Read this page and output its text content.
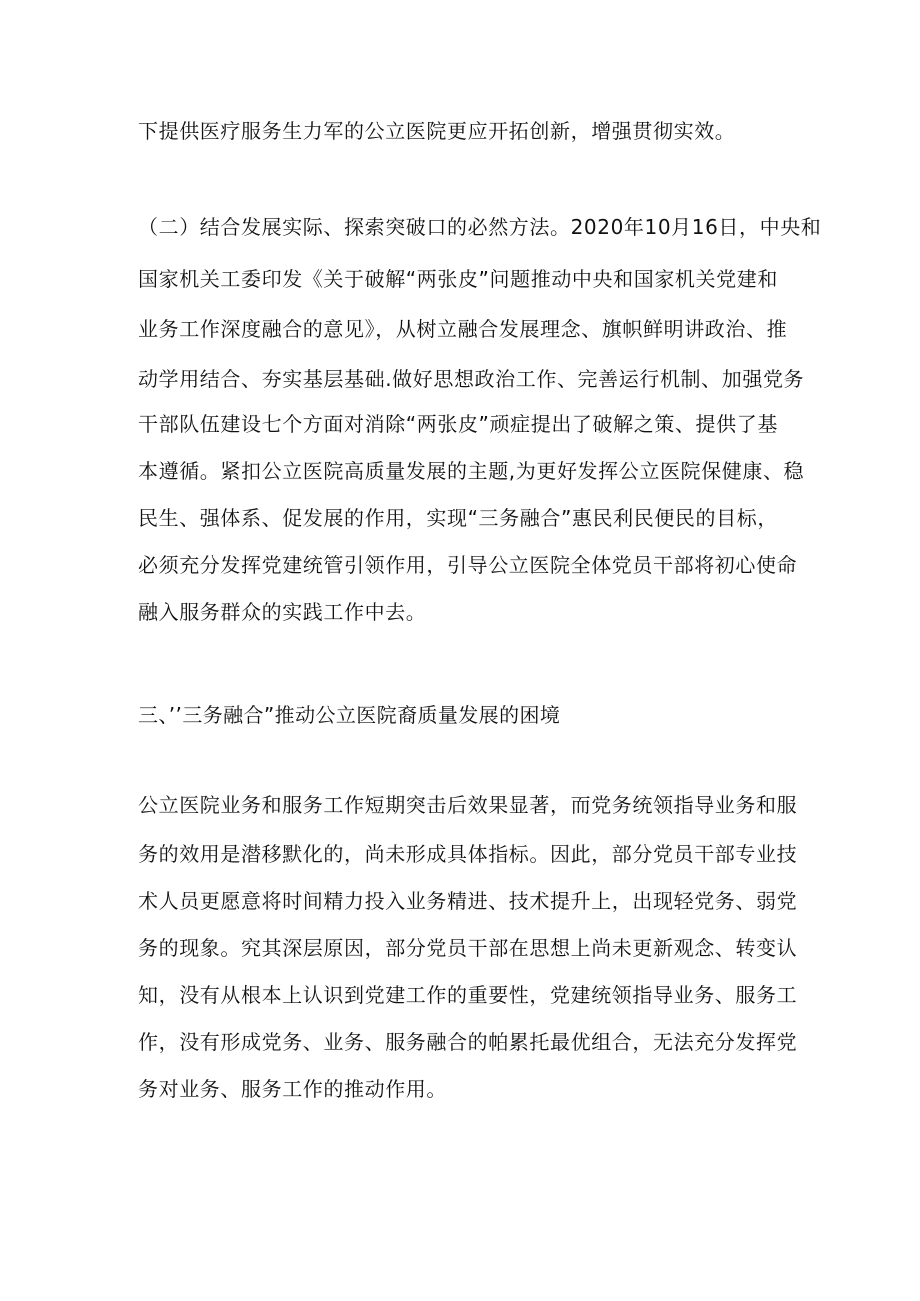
下提供医疗服务生力军的公立医院更应开拓创新，增强贯彻实效。
（二）结合发展实际、探索突破口的必然方法。2020年10月16日，中央和
国家机关工委印发《关于破解“两张皮”问题推动中央和国家机关党建和
业务工作深度融合的意见》，从树立融合发展理念、旗帜鲜明讲政治、推
动学用结合、夯实基层基础.做好思想政治工作、完善运行机制、加强党务
干部队伍建设七个方面对消除“两张皮”顽症提出了破解之策、提供了基
本遵循。紧扣公立医院高质量发展的主题,为更好发挥公立医院保健康、稳
民生、强体系、促发展的作用，实现“三务融合”惠民利民便民的目标，
必须充分发挥党建统管引领作用，引导公立医院全体党员干部将初心使命
融入服务群众的实践工作中去。
三、’’三务融合”推动公立医院裔质量发展的困境
公立医院业务和服务工作短期突击后效果显著，而党务统领指导业务和服
务的效用是潜移默化的，尚未形成具体指标。因此，部分党员干部专业技
术人员更愿意将时间精力投入业务精进、技术提升上，出现轻党务、弱党
务的现象。究其深层原因，部分党员干部在思想上尚未更新观念、转变认
知，没有从根本上认识到党建工作的重要性，党建统领指导业务、服务工
作，没有形成党务、业务、服务融合的帕累托最优组合，无法充分发挥党
务对业务、服务工作的推动作用。
